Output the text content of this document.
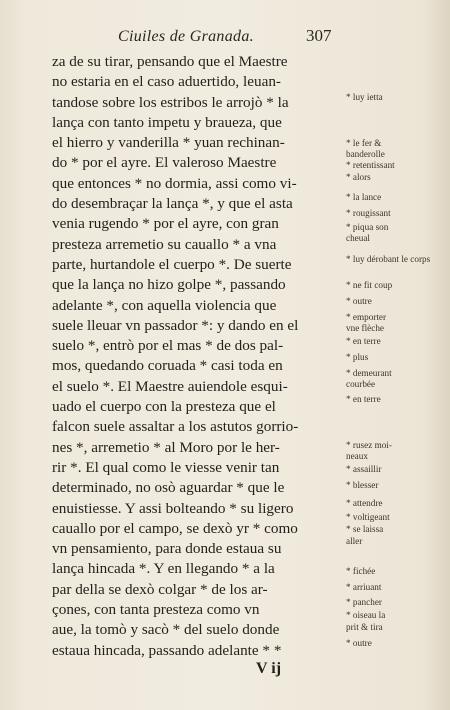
Ciuiles de Granada.	307
za de su tirar, pensando que el Maestre
no estaria en el caso aduertido, leuan-
tandose sobre los estribos le arrojò * la
lança con tanto impetu y braueza, que
el hierro y vanderilla * yuan rechinan-
do * por el ayre. El valeroso Maestre
que entonces * no dormia, assi como vi-
do desembraçar la lança *, y que el asta
venia rugendo * por el ayre, con gran
presteza arremetio su cauallo * a vna
parte, hurtandole el cuerpo *. De suerte
que la lança no hizo golpe *, passando
adelante *, con aquella violencia que
suele lleuar vn passador *: y dando en el
suelo *, entrò por el mas * de dos pal-
mos, quedando coruada * casi toda en
el suelo *. El Maestre auiendole esqui-
uado el cuerpo con la presteza que el
falcon suele assaltar a los astutos gorrio-
nes *, arremetio * al Moro por le her-
rir *. El qual como le viesse venir tan
determinado, no osò aguardar * que le
enuistiesse. Y assi bolteando * su ligero
cauallo por el campo, se dexò yr * como
vn pensamiento, para donde estaua su
lança hincada *. Y en llegando * a la
par della se dexò colgar * de los ar-
çones, con tanta presteza como vn
aue, la tomò y sacò * del suelo donde
estaua hincada, passando adelante * *
* luy ietta
* le fer &
banderolle
* retentissant
* alors
* la lance
* rougissant
* piqua son
cheual
* luy dérobant le corps
* ne fit coup
* outre
* emporter
vne flèche
* en terre
* plus
* demeurant
courbée
* en terre
* rusez moi-
neaux
* assaillir
* blesser
* attendre
* voltigeant
* se laissa
aller
* fichée
* arriuant
* pancher
* oiseau la
prit & tira
* outre
V ij
